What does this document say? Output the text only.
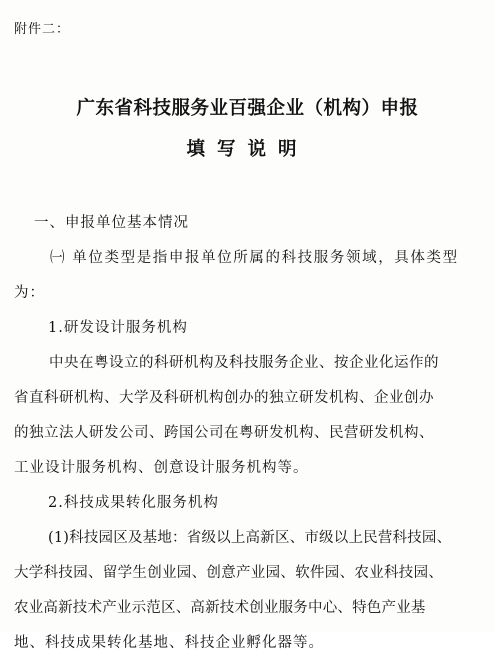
附件二：
广东省科技服务业百强企业（机构）申报
填写说明
一、申报单位基本情况
㈠ 单位类型是指申报单位所属的科技服务领域，具体类型
为：
1.研发设计服务机构
中央在粤设立的科研机构及科技服务企业、按企业化运作的
省直科研机构、大学及科研机构创办的独立研发机构、企业创办
的独立法人研发公司、跨国公司在粤研发机构、民营研发机构、
工业设计服务机构、创意设计服务机构等。
2.科技成果转化服务机构
(1)科技园区及基地：省级以上高新区、市级以上民营科技园、
大学科技园、留学生创业园、创意产业园、软件园、农业科技园、
农业高新技术产业示范区、高新技术创业服务中心、特色产业基
地、科技成果转化基地、科技企业孵化器等。
